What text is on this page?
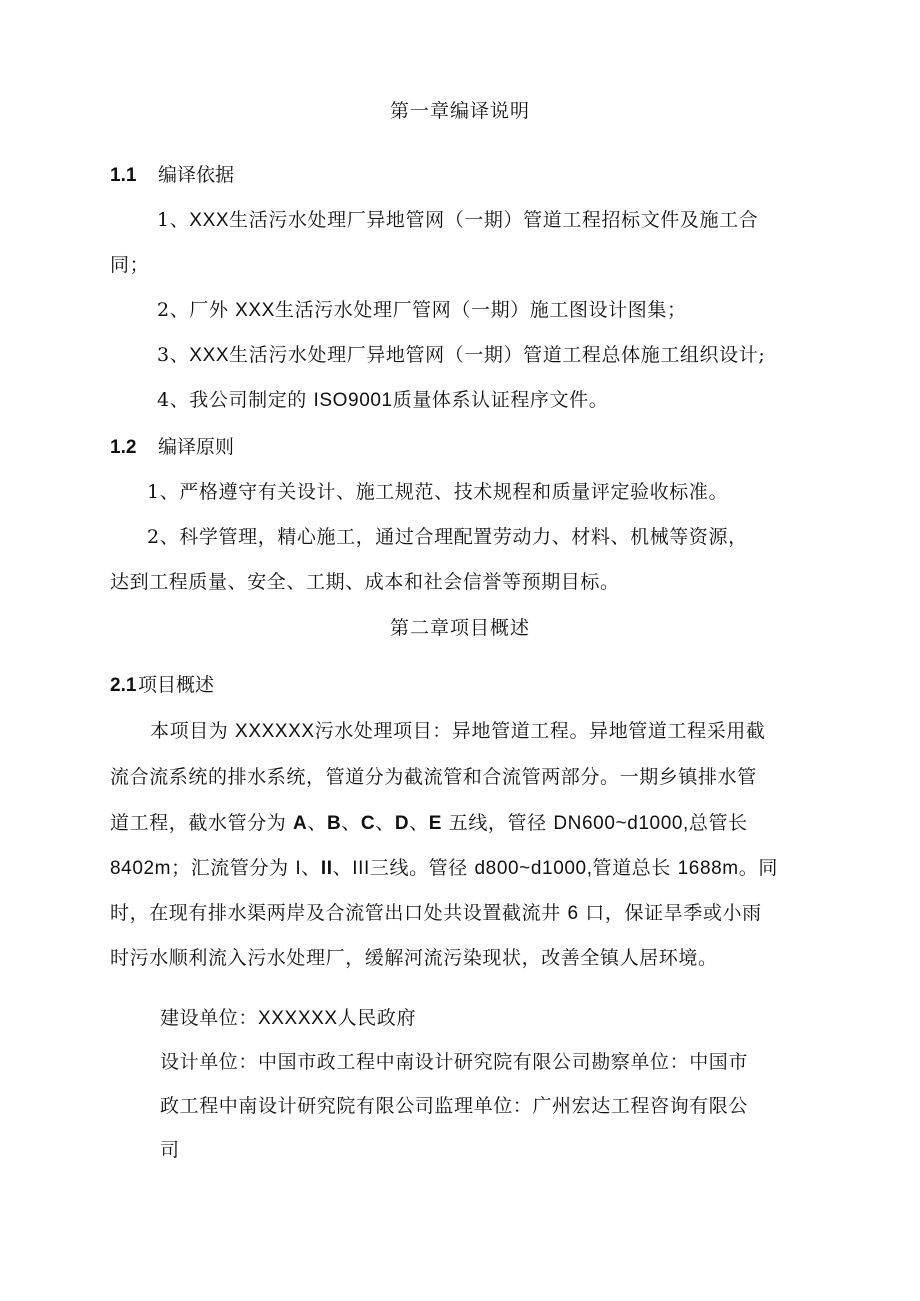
第一章编译说明
1.1 编译依据
1、XXX生活污水处理厂异地管网（一期）管道工程招标文件及施工合
同；
2、厂外 XXX生活污水处理厂管网（一期）施工图设计图集；
3、XXX生活污水处理厂异地管网（一期）管道工程总体施工组织设计;
4、我公司制定的 ISO9001质量体系认证程序文件。
1.2 编译原则
1、严格遵守有关设计、施工规范、技术规程和质量评定验收标准。
2、科学管理，精心施工，通过合理配置劳动力、材料、机械等资源，
达到工程质量、安全、工期、成本和社会信誉等预期目标。
第二章项目概述
2.1项目概述
本项目为 XXXXXX污水处理项目：异地管道工程。异地管道工程采用截
流合流系统的排水系统，管道分为截流管和合流管两部分。一期乡镇排水管
道工程，截水管分为 A、B、C、D、E 五线，管径 DN600~d1000,总管长
8402m；汇流管分为 I、II、III三线。管径 d800~d1000,管道总长 1688m。同
时，在现有排水渠两岸及合流管出口处共设置截流井 6 口，保证旱季或小雨
时污水顺利流入污水处理厂，缓解河流污染现状，改善全镇人居环境。
建设单位：XXXXXX人民政府
设计单位：中国市政工程中南设计研究院有限公司勘察单位：中国市
政工程中南设计研究院有限公司监理单位：广州宏达工程咨询有限公
司
